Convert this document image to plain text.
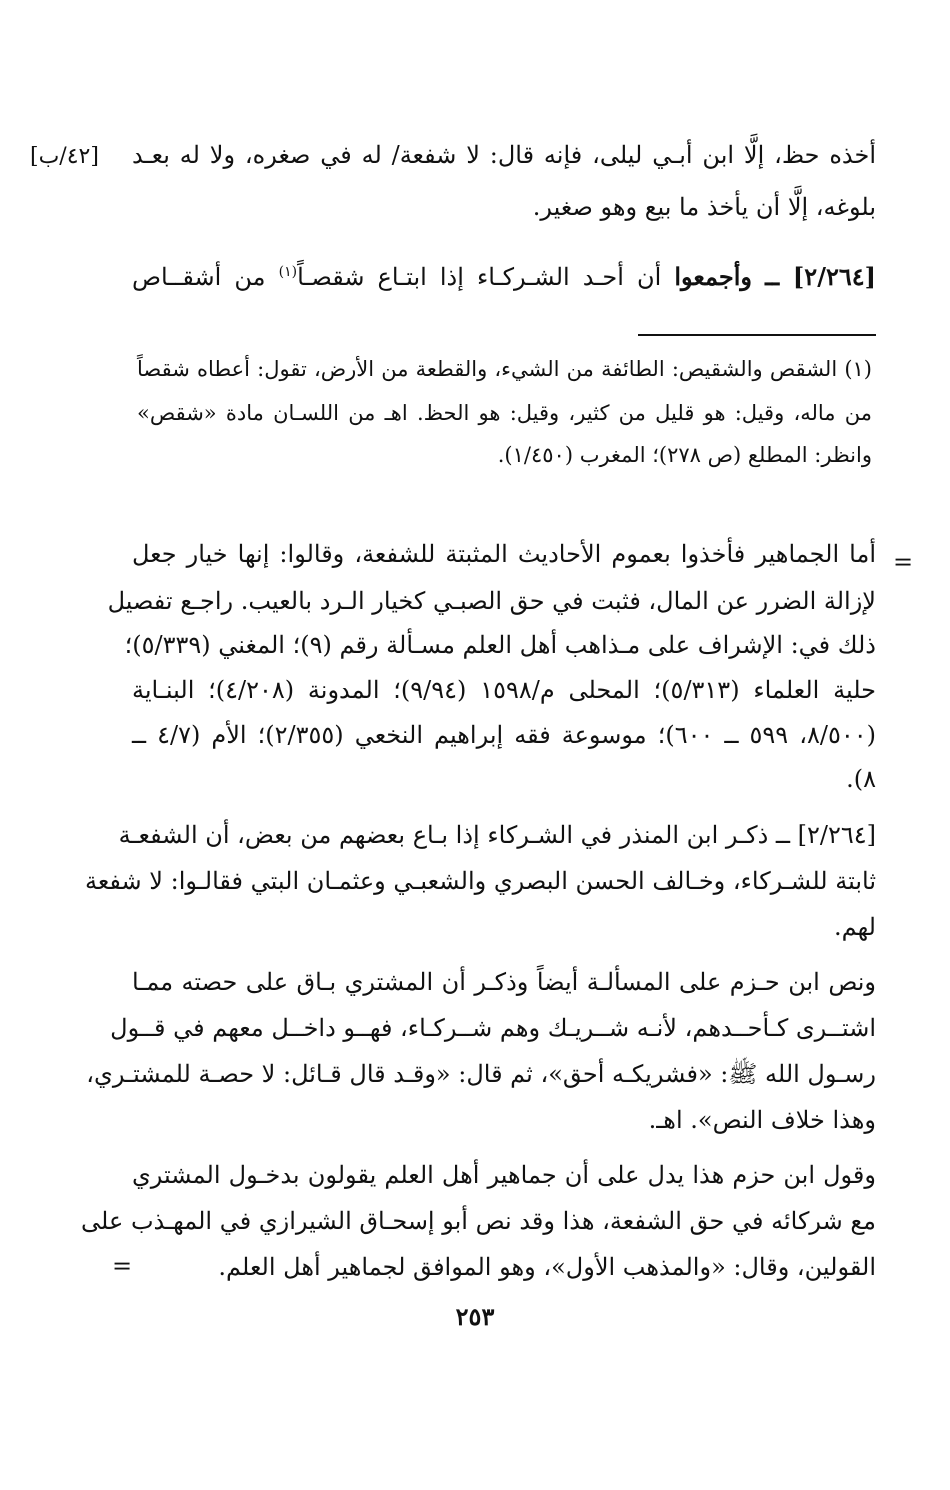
[٤٢/ب] أخذه حظ، إلَّا ابن أبـي ليلى، فإنه قال: لا شفعة/ له في صغره، ولا له بعـد
بلوغه، إلَّا أن يأخذ ما بيع وهو صغير.
[٢/٢٦٤] ــ وأجمعوا أن أحـد الشـركـاء إذا ابتـاع شقصـاً$^{(١)}$ من أشقــاص
(١) الشقص والشقيص: الطائفة من الشيء، والقطعة من الأرض، تقول: أعطاه شقصاً
من ماله، وقيل: هو قليل من كثير، وقيل: هو الحظ. اهـ من اللسـان مادة «شقص»
وانظر: المطلع (ص ٢٧٨)؛ المغرب (١/٤٥٠).
=
أما الجماهير فأخذوا بعموم الأحاديث المثبتة للشفعة، وقالوا: إنها خيار جعل
لإزالة الضرر عن المال، فثبت في حق الصبـي كخيار الـرد بالعيب. راجـع تفصيل
ذلك في: الإشراف على مـذاهب أهل العلم مسـألة رقم (٩)؛ المغني (٥/٣٣٩)؛
حلية العلماء (٥/٣١٣)؛ المحلى م/١٥٩٨ (٩/٩٤)؛ المدونة (٤/٢٠٨)؛ البنـاية
(٨/٥٠٠، ٥٩٩ ــ ٦٠٠)؛ موسوعة فقه إبراهيم النخعي (٢/٣٥٥)؛ الأم (٤/٧ ــ
٨).
[٢/٢٦٤] ــ ذكـر ابن المنذر في الشـركاء إذا بـاع بعضهم من بعض، أن الشفعـة
ثابتة للشـركاء، وخـالف الحسن البصري والشعبـي وعثمـان البتي فقالـوا: لا شفعة
لهم.
ونص ابن حـزم على المسألـة أيضاً وذكـر أن المشتري بـاق على حصته ممـا
اشتــرى كـأحــدهم، لأنـه شــريـك وهم شــركـاء، فهــو داخــل معهم في قــول
رسـول الله ﷺ: «فشريكـه أحق»، ثم قال: «وقـد قال قـائل: لا حصـة للمشتـري،
وهذا خلاف النص». اهـ.
وقول ابن حزم هذا يدل على أن جماهير أهل العلم يقولون بدخـول المشتري
مع شركائه في حق الشفعة، هذا وقد نص أبو إسحـاق الشيرازي في المهـذب على
القولين، وقال: «والمذهب الأول»، وهو الموافق لجماهير أهل العلم.
=
٢٥٣
